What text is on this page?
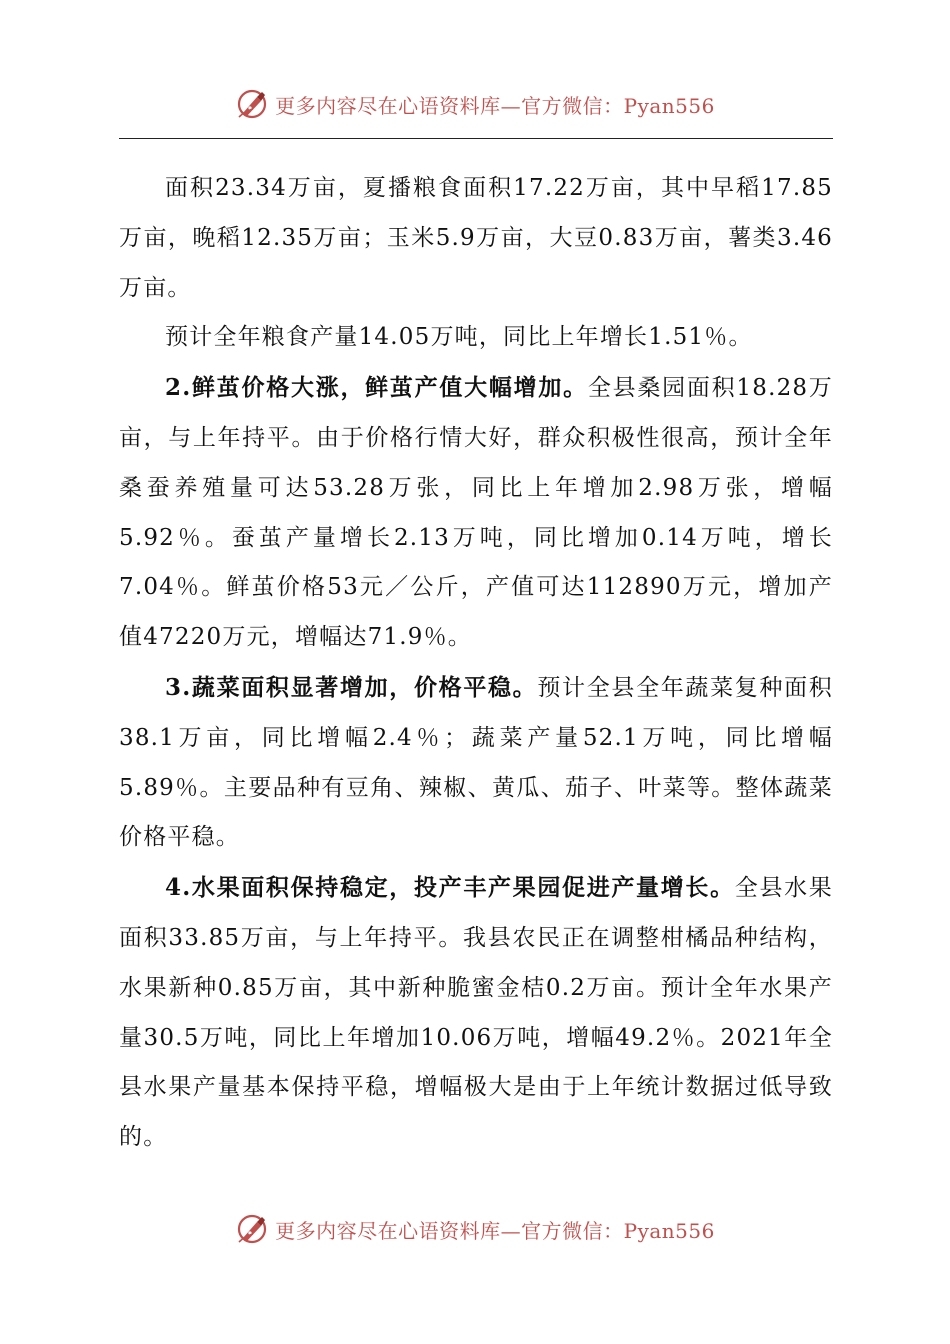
更多内容尽在心语资料库—官方微信：Pyan556

面积23.34万亩，夏播粮食面积17.22万亩，其中早稻17.85万亩，晚稻12.35万亩；玉米5.9万亩，大豆0.83万亩，薯类3.46万亩。

预计全年粮食产量14.05万吨，同比上年增长1.51％。

2.鲜茧价格大涨，鲜茧产值大幅增加。全县桑园面积18.28万亩，与上年持平。由于价格行情大好，群众积极性很高，预计全年桑蚕养殖量可达53.28万张，同比上年增加2.98万张，增幅5.92％。蚕茧产量增长2.13万吨，同比增加0.14万吨，增长7.04％。鲜茧价格53元／公斤，产值可达112890万元，增加产值47220万元，增幅达71.9％。

3.蔬菜面积显著增加，价格平稳。预计全县全年蔬菜复种面积38.1万亩，同比增幅2.4％；蔬菜产量52.1万吨，同比增幅5.89％。主要品种有豆角、辣椒、黄瓜、茄子、叶菜等。整体蔬菜价格平稳。

4.水果面积保持稳定，投产丰产果园促进产量增长。全县水果面积33.85万亩，与上年持平。我县农民正在调整柑橘品种结构，水果新种0.85万亩，其中新种脆蜜金桔0.2万亩。预计全年水果产量30.5万吨，同比上年增加10.06万吨，增幅49.2％。2021年全县水果产量基本保持平稳，增幅极大是由于上年统计数据过低导致的。

更多内容尽在心语资料库—官方微信：Pyan556
